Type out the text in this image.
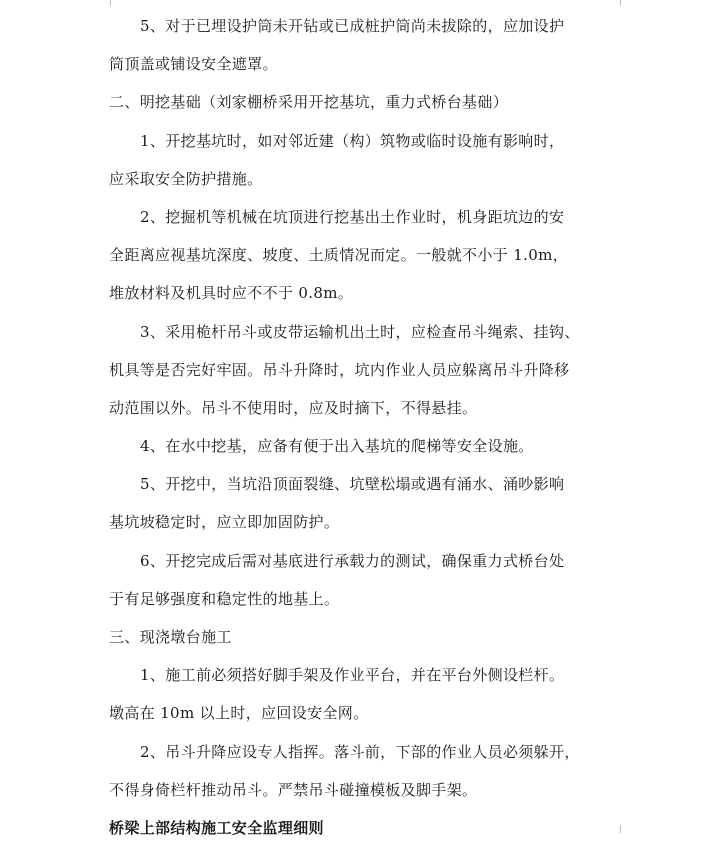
5、对于已埋设护筒未开钻或已成桩护筒尚未拔除的，应加设护
筒顶盖或铺设安全遮罩。
二、明挖基础（刘家棚桥采用开挖基坑，重力式桥台基础）
1、开挖基坑时，如对邻近建（构）筑物或临时设施有影响时，
应采取安全防护措施。
2、挖掘机等机械在坑顶进行挖基出土作业时，机身距坑边的安
全距离应视基坑深度、坡度、土质情况而定。一般就不小于 1.0m，
堆放材料及机具时应不不于 0.8m。
3、采用桅杆吊斗或皮带运输机出土时，应检查吊斗绳索、挂钩、
机具等是否完好牢固。吊斗升降时，坑内作业人员应躲离吊斗升降移
动范围以外。吊斗不使用时，应及时摘下，不得悬挂。
4、在水中挖基，应备有便于出入基坑的爬梯等安全设施。
5、开挖中，当坑沿顶面裂缝、坑壁松塌或遇有涌水、涌吵影响
基坑坡稳定时，应立即加固防护。
6、开挖完成后需对基底进行承载力的测试，确保重力式桥台处
于有足够强度和稳定性的地基上。
三、现浇墩台施工
1、施工前必须搭好脚手架及作业平台，并在平台外侧设栏杆。
墩高在 10m 以上时，应回设安全网。
2、吊斗升降应设专人指挥。落斗前，下部的作业人员必须躲开，
不得身倚栏杆推动吊斗。严禁吊斗碰撞模板及脚手架。
桥梁上部结构施工安全监理细则
